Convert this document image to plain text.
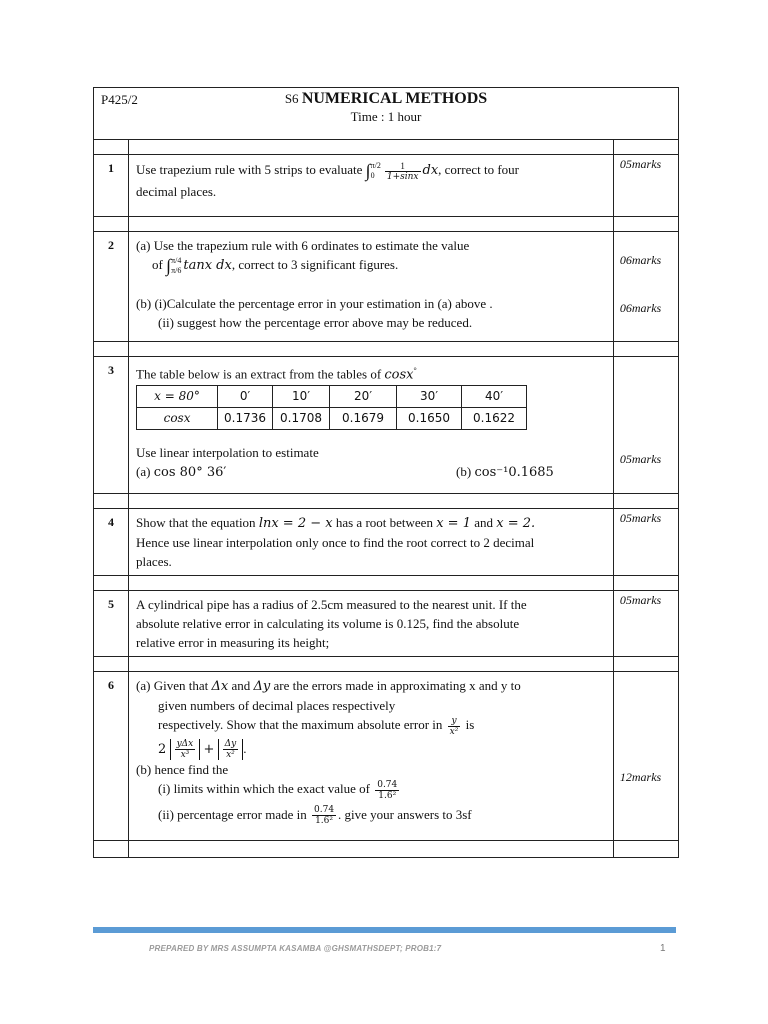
P425/2	S6 NUMERICAL METHODS
Time : 1 hour

1	Use trapezium rule with 5 strips to evaluate ∫ π/2
0	$\frac{1}{1+\sin x}$ dx, correct to four
decimal places.
	05marks

2	(a) Use the trapezium rule with 6 ordinates to estimate the value
of ∫ π/4
π/6 tanx dx, correct to 3 significant figures.
(b) (i)Calculate the percentage error in your estimation in (a) above .
(ii) suggest how the percentage error above may be reduced.

06marks
06marks

3	The table below is an extract from the tables of cosx°
x = 80°	0′	10′	20′	30′	40′
cosx	0.1736	0.1708	0.1679	0.1650	0.1622
Use linear interpolation to estimate
(a) cos 80° 36′	(b) cos⁻¹0.1685

05marks

4	Show that the equation lnx = 2 − x has a root between x = 1 and x = 2.
Hence use linear interpolation only once to find the root correct to 2 decimal
places.
	05marks

5	A cylindrical pipe has a radius of 2.5cm measured to the nearest unit. If the
absolute relative error in calculating its volume is 0.125, find the absolute
relative error in measuring its height;
	05marks

6	(a) Given that Δx and Δy are the errors made in approximating x and y to
given numbers of decimal places respectively
respectively. Show that the maximum absolute error in $\frac{y}{\text{x²}}$ is
$2 \frac{\text{yΔx}}{\text{x³}} + \frac{\Delta y}{\text{x²}}$ .
(b) hence find the
(i) limits within which the exact value of $\frac{0.74}{\text{1.6²}}$
(ii) percentage error made in $\frac{0.74}{\text{1.6²}}$ . give your answers to 3sf

12marks

PREPARED BY MRS ASSUMPTA KASAMBA @GHSMATHSDEPT; PROB1:7	1
